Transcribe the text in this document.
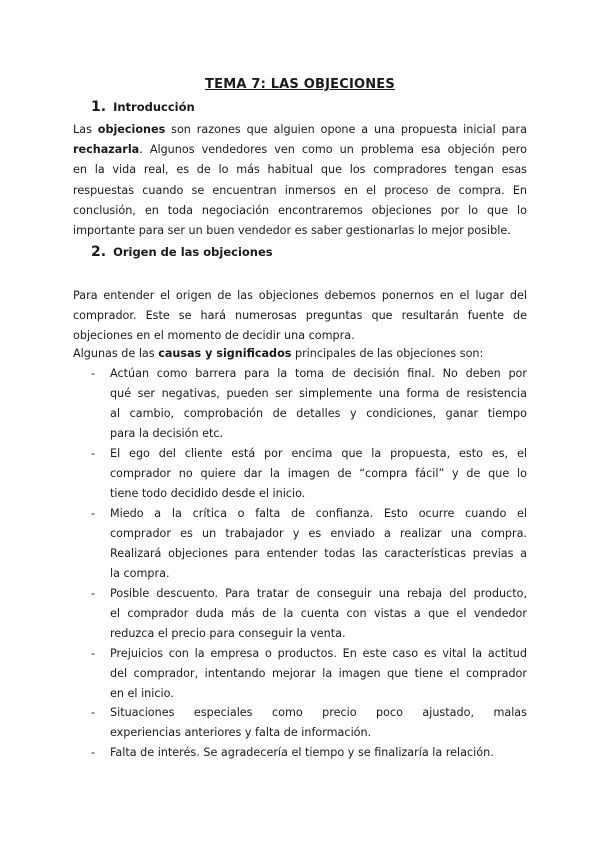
TEMA 7: LAS OBJECIONES
1. Introducción
Las objeciones son razones que alguien opone a una propuesta inicial para
rechazarla. Algunos vendedores ven como un problema esa objeción pero
en la vida real, es de lo más habitual que los compradores tengan esas
respuestas cuando se encuentran inmersos en el proceso de compra. En
conclusión, en toda negociación encontraremos objeciones por lo que lo
importante para ser un buen vendedor es saber gestionarlas lo mejor posible.
2. Origen de las objeciones
Para entender el origen de las objeciones debemos ponernos en el lugar del
comprador. Este se hará numerosas preguntas que resultarán fuente de
objeciones en el momento de decidir una compra.
Algunas de las causas y significados principales de las objeciones son:
- Actúan como barrera para la toma de decisión final. No deben por
qué ser negativas, pueden ser simplemente una forma de resistencia
al cambio, comprobación de detalles y condiciones, ganar tiempo
para la decisión etc.
- El ego del cliente está por encima que la propuesta, esto es, el
comprador no quiere dar la imagen de “compra fácil” y de que lo
tiene todo decidido desde el inicio.
- Miedo a la crítica o falta de confianza. Esto ocurre cuando el
comprador es un trabajador y es enviado a realizar una compra.
Realizará objeciones para entender todas las características previas a
la compra.
- Posible descuento. Para tratar de conseguir una rebaja del producto,
el comprador duda más de la cuenta con vistas a que el vendedor
reduzca el precio para conseguir la venta.
- Prejuicios con la empresa o productos. En este caso es vital la actitud
del comprador, intentando mejorar la imagen que tiene el comprador
en el inicio.
- Situaciones especiales como precio poco ajustado, malas
experiencias anteriores y falta de información.
- Falta de interés. Se agradecería el tiempo y se finalizaría la relación.
